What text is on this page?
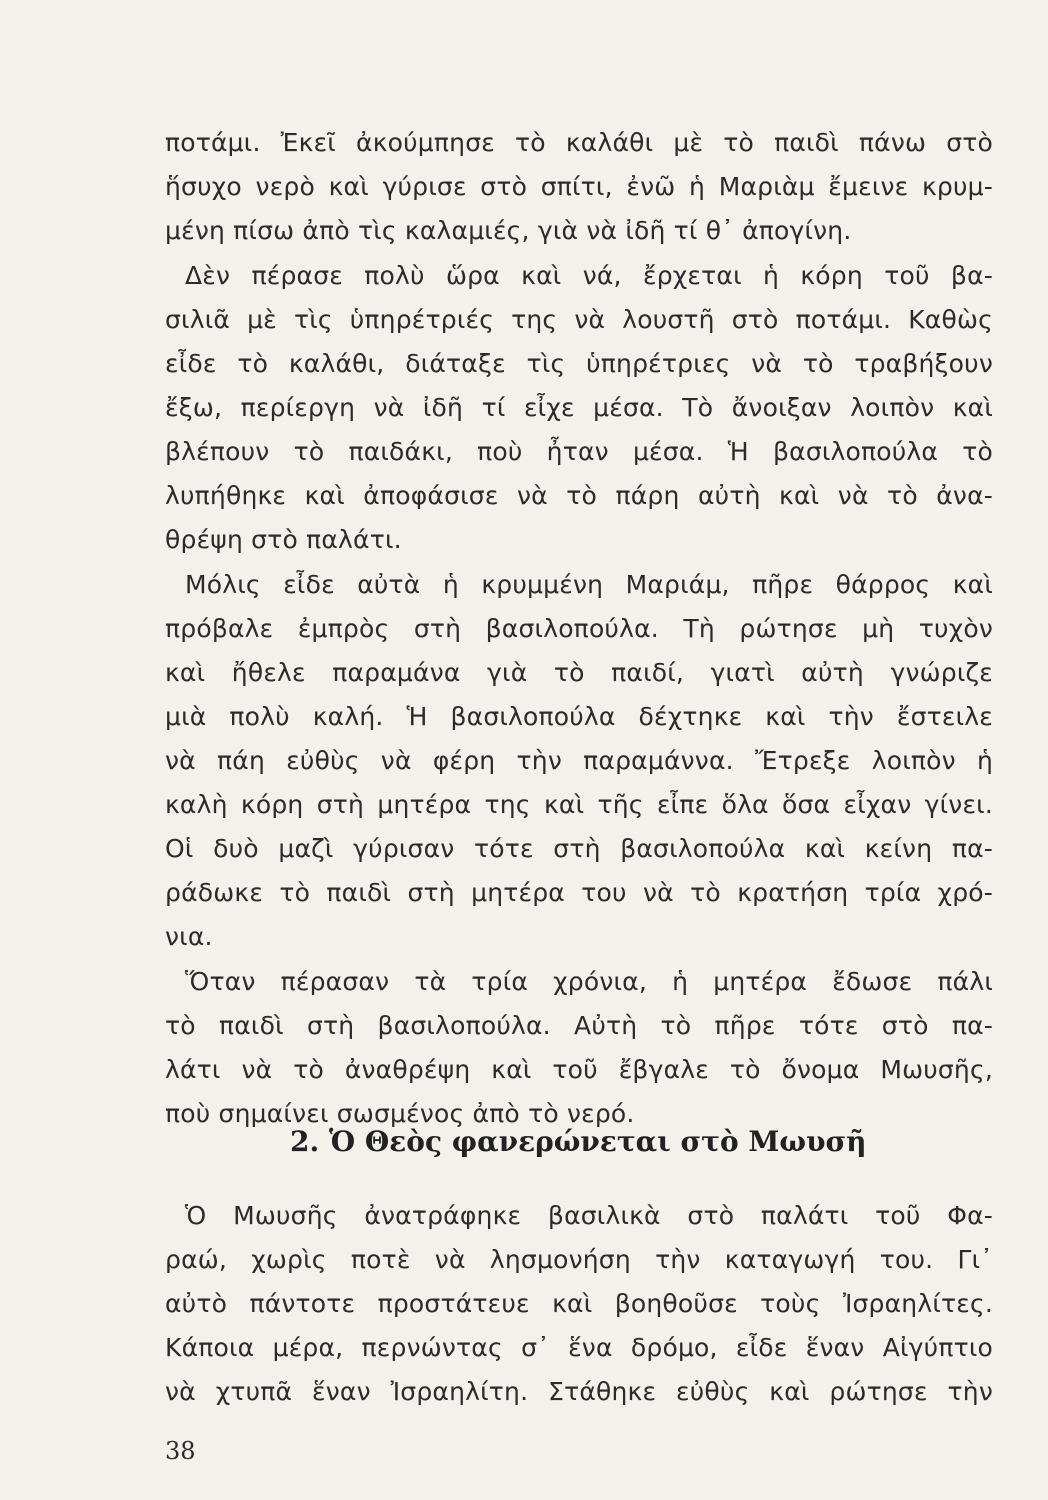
ποτάμι. Ἐκεῖ ἀκούμπησε τὸ καλάθι μὲ τὸ παιδὶ πάνω στὸ
ἥσυχο νερὸ καὶ γύρισε στὸ σπίτι, ἐνῶ ἡ Μαριὰμ ἔμεινε κρυμ-
μένη πίσω ἀπὸ τὶς καλαμιές, γιὰ νὰ ἰδῆ τί θ᾽ ἀπογίνη.
Δὲν πέρασε πολὺ ὥρα καὶ νά, ἔρχεται ἡ κόρη τοῦ βα-
σιλιᾶ μὲ τὶς ὑπηρέτριές της νὰ λουστῆ στὸ ποτάμι. Καθὼς
εἶδε τὸ καλάθι, διάταξε τὶς ὑπηρέτριες νὰ τὸ τραβήξουν
ἔξω, περίεργη νὰ ἰδῆ τί εἶχε μέσα. Τὸ ἄνοιξαν λοιπὸν καὶ
βλέπουν τὸ παιδάκι, ποὺ ἦταν μέσα. Ἡ βασιλοπούλα τὸ
λυπήθηκε καὶ ἀποφάσισε νὰ τὸ πάρη αὐτὴ καὶ νὰ τὸ ἀνα-
θρέψη στὸ παλάτι.
Μόλις εἶδε αὐτὰ ἡ κρυμμένη Μαριάμ, πῆρε θάρρος καὶ
πρόβαλε ἐμπρὸς στὴ βασιλοπούλα. Τὴ ρώτησε μὴ τυχὸν
καὶ ἤθελε παραμάνα γιὰ τὸ παιδί, γιατὶ αὐτὴ γνώριζε
μιὰ πολὺ καλή. Ἡ βασιλοπούλα δέχτηκε καὶ τὴν ἔστειλε
νὰ πάη εὐθὺς νὰ φέρη τὴν παραμάννα. Ἔτρεξε λοιπὸν ἡ
καλὴ κόρη στὴ μητέρα της καὶ τῆς εἶπε ὅλα ὅσα εἶχαν γίνει.
Οἱ δυὸ μαζὶ γύρισαν τότε στὴ βασιλοπούλα καὶ κείνη πα-
ράδωκε τὸ παιδὶ στὴ μητέρα του νὰ τὸ κρατήση τρία χρό-
νια.
Ὅταν πέρασαν τὰ τρία χρόνια, ἡ μητέρα ἔδωσε πάλι
τὸ παιδὶ στὴ βασιλοπούλα. Αὐτὴ τὸ πῆρε τότε στὸ πα-
λάτι νὰ τὸ ἀναθρέψη καὶ τοῦ ἔβγαλε τὸ ὄνομα Μωυσῆς,
ποὺ σημαίνει σωσμένος ἀπὸ τὸ νερό.
2. Ὁ Θεὸς φανερώνεται στὸ Μωυσῆ
Ὁ Μωυσῆς ἀνατράφηκε βασιλικὰ στὸ παλάτι τοῦ Φα-
ραώ, χωρὶς ποτὲ νὰ λησμονήση τὴν καταγωγή του. Γι᾽
αὐτὸ πάντοτε προστάτευε καὶ βοηθοῦσε τοὺς Ἰσραηλίτες.
Κάποια μέρα, περνώντας σ᾽ ἕνα δρόμο, εἶδε ἕναν Αἰγύπτιο
νὰ χτυπᾶ ἕναν Ἰσραηλίτη. Στάθηκε εὐθὺς καὶ ρώτησε τὴν
38
